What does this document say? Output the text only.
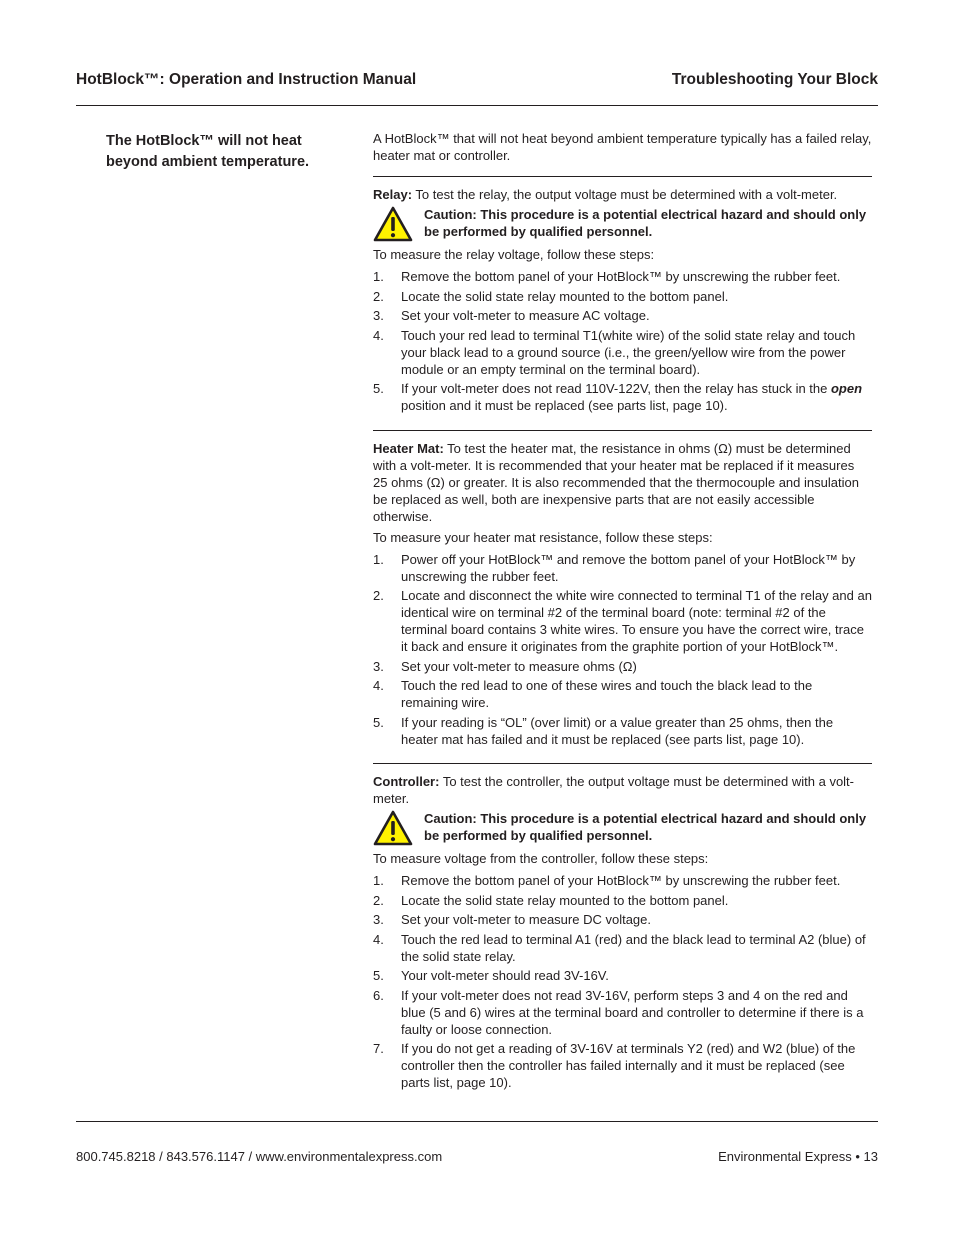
HotBlock™: Operation and Instruction Manual	Troubleshooting Your Block
The HotBlock™ will not heat
beyond ambient temperature.

A HotBlock™ that will not heat beyond ambient temperature typically has a failed relay, heater mat or controller.

Relay: To test the relay, the output voltage must be determined with a volt-meter.

Caution: This procedure is a potential electrical hazard and should only be performed by qualified personnel.

To measure the relay voltage, follow these steps:

1.	Remove the bottom panel of your HotBlock™ by unscrewing the rubber feet.
2.	Locate the solid state relay mounted to the bottom panel.
3.	Set your volt-meter to measure AC voltage.
4.	Touch your red lead to terminal T1(white wire) of the solid state relay and touch your black lead to a ground source (i.e., the green/yellow wire from the power module or an empty terminal on the terminal board).
5.	If your volt-meter does not read 110V-122V, then the relay has stuck in the open position and it must be replaced (see parts list, page 10).

Heater Mat: To test the heater mat, the resistance in ohms (Ω) must be determined with a volt-meter. It is recommended that your heater mat be replaced if it measures 25 ohms (Ω) or greater. It is also recommended that the thermocouple and insulation be replaced as well, both are inexpensive parts that are not easily accessible otherwise.

To measure your heater mat resistance, follow these steps:

1.	Power off your HotBlock™ and remove the bottom panel of your HotBlock™ by unscrewing the rubber feet.
2.	Locate and disconnect the white wire connected to terminal T1 of the relay and an identical wire on terminal #2 of the terminal board (note: terminal #2 of the terminal board contains 3 white wires. To ensure you have the correct wire, trace it back and ensure it originates from the graphite portion of your HotBlock™.
3.	Set your volt-meter to measure ohms (Ω)
4.	Touch the red lead to one of these wires and touch the black lead to the remaining wire.
5.	If your reading is “OL” (over limit) or a value greater than 25 ohms, then the heater mat has failed and it must be replaced (see parts list, page 10).

Controller: To test the controller, the output voltage must be determined with a volt-meter.

Caution: This procedure is a potential electrical hazard and should only be performed by qualified personnel.

To measure voltage from the controller, follow these steps:

1.	Remove the bottom panel of your HotBlock™ by unscrewing the rubber feet.
2.	Locate the solid state relay mounted to the bottom panel.
3.	Set your volt-meter to measure DC voltage.
4.	Touch the red lead to terminal A1 (red) and the black lead to terminal A2 (blue) of the solid state relay.
5.	Your volt-meter should read 3V-16V.
6.	If your volt-meter does not read 3V-16V, perform steps 3 and 4 on the red and blue (5 and 6) wires at the terminal board and controller to determine if there is a faulty or loose connection.
7.	If you do not get a reading of 3V-16V at terminals Y2 (red) and W2 (blue) of the controller then the controller has failed internally and it must be replaced (see parts list, page 10).
800.745.8218 / 843.576.1147 / www.environmentalexpress.com	Environmental Express • 13
